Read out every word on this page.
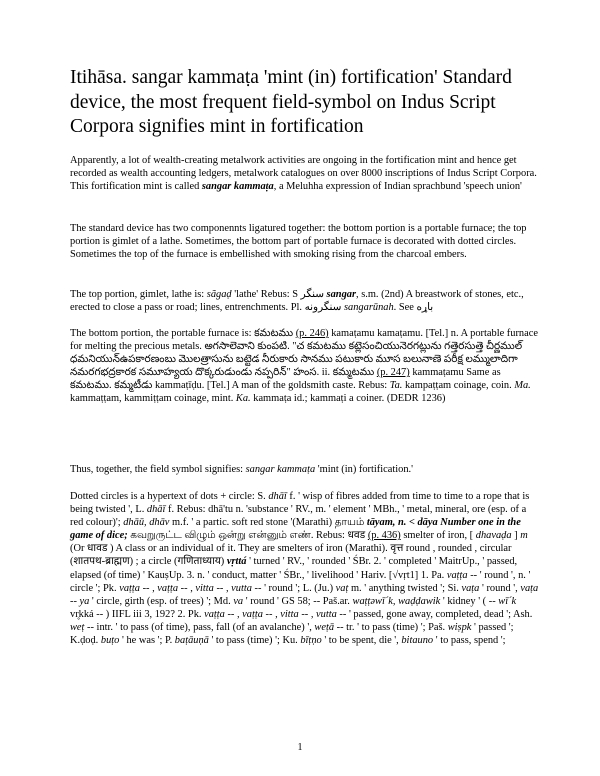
Itihāsa. sangar kammaṭa 'mint (in) fortification' Standard device, the most frequent field-symbol on Indus Script Corpora signifies mint in fortification

Apparently, a lot of wealth-creating metalwork activities are ongoing in the fortification mint and hence get recorded as wealth accounting ledgers, metalwork catalogues on over 8000 inscriptions of Indus Script Corpora. This fortification mint is called sangar kammaṭa, a Meluhha expression of Indian sprachbund 'speech union'

The standard device has two componennts ligatured together: the bottom portion is a portable furnace; the top portion is gimlet of a lathe. Sometimes, the bottom part of portable furnace is decorated with dotted circles. Sometimes the top of the furnace is embellished with smoking rising from the charcoal embers.

The top portion, gimlet, lathe is: sãgaḍ 'lathe' Rebus: S سنگر sangar, s.m. (2nd) A breastwork of stones, etc., erected to close a pass or road; lines, entrenchments. Pl. سنگرونه sangarūnah. See باړه

The bottom portion, the portable furnace is: కమటము (p. 246) kamaṭamu kamaṭamu. [Tel.] n. A portable furnace for melting the precious metals. అగసాలెవాని కుంపటి. "చ కమటము కట్లెసంచియునెరగట్లును గత్తెరసుత్తె చీర్ణముల్ ధమనియున్ఉపకారణంబు మొలత్రాసును బట్టెడ నీరుకారు సానము పటుకారు మూస బలునాణె పరీక్ష లమ్ములాదిగా నమరగభద్రకారక సమూహ్యయ దొక్కరుడుండు నప్పరిన్" హంస. ii. కమ్మటము (p. 247) kammaṭamu Same as కమటము. కమ్మటీడు kammaṭīḍu. [Tel.] A man of the goldsmith caste. Rebus: Ta. kampaṭṭam coinage, coin. Ma. kammaṭṭam, kammiṭṭam coinage, mint. Ka. kammaṭa id.; kammaṭi a coiner. (DEDR 1236)

Thus, together, the field symbol signifies: sangar kammaṭa 'mint (in) fortification.'

Dotted circles is a hypertext of dots + circle: S. dhāī f. ' wisp of fibres added from time to time to a rope that is being twisted ', L. dhāī f. Rebus: dhā'tu n. 'substance ' RV., m. ' element ' MBh., ' metal, mineral, ore (esp. of a red colour)'; dhāū, dhāv m.f. ' a partic. soft red stone '(Marathi) தாயம் tāyam, n. < dāya Number one in the game of dice; கவறுருட்ட விழும் ஒன்று என்னும் எண். Rebus: धवड (p. 436) smelter of iron, [ dhavaḍa ] m (Or धावड ) A class or an individual of it. They are smelters of iron (Marathi). वृत्त round , rounded , circular (शातपथ-ब्राह्मण) ; a circle (गणिताध्याय) vṛttá ' turned ' RV., ' rounded ' ŚBr. 2. ' completed ' MaitrUp., ' passed, elapsed (of time) ' KauṣUp. 3. n. ' conduct, matter ' ŚBr., ' livelihood ' Hariv. [√vṛt1] 1. Pa. vaṭṭa -- ' round ', n. ' circle '; Pk. vaṭṭa -- , vaṭṭa -- , vitta -- , vutta -- ' round '; L. (Ju.) vaṭ m. ' anything twisted '; Si. vaṭa ' round ', vaṭa -- ya ' circle, girth (esp. of trees) '; Md. va ' round ' GS 58; -- Paš.ar. waṭṭəwī´k, waḍḍawik ' kidney ' ( -- wī´k vr̥kká -- ) IIFL iii 3, 192? 2. Pk. vaṭṭa -- , vaṭṭa -- , vitta -- , vutta -- ' passed, gone away, completed, dead '; Ash. weṭ -- intr. ' to pass (of time), pass, fall (of an avalanche) ', weṭā -- tr. ' to pass (time) '; Paš. wiṣpk ' passed '; K.ḍoḍ. buṭo ' he was '; P. baṭāuṇā ' to pass (time) '; Ku. bīṭṇo ' to be spent, die ', bitauno ' to pass, spend ';

1
